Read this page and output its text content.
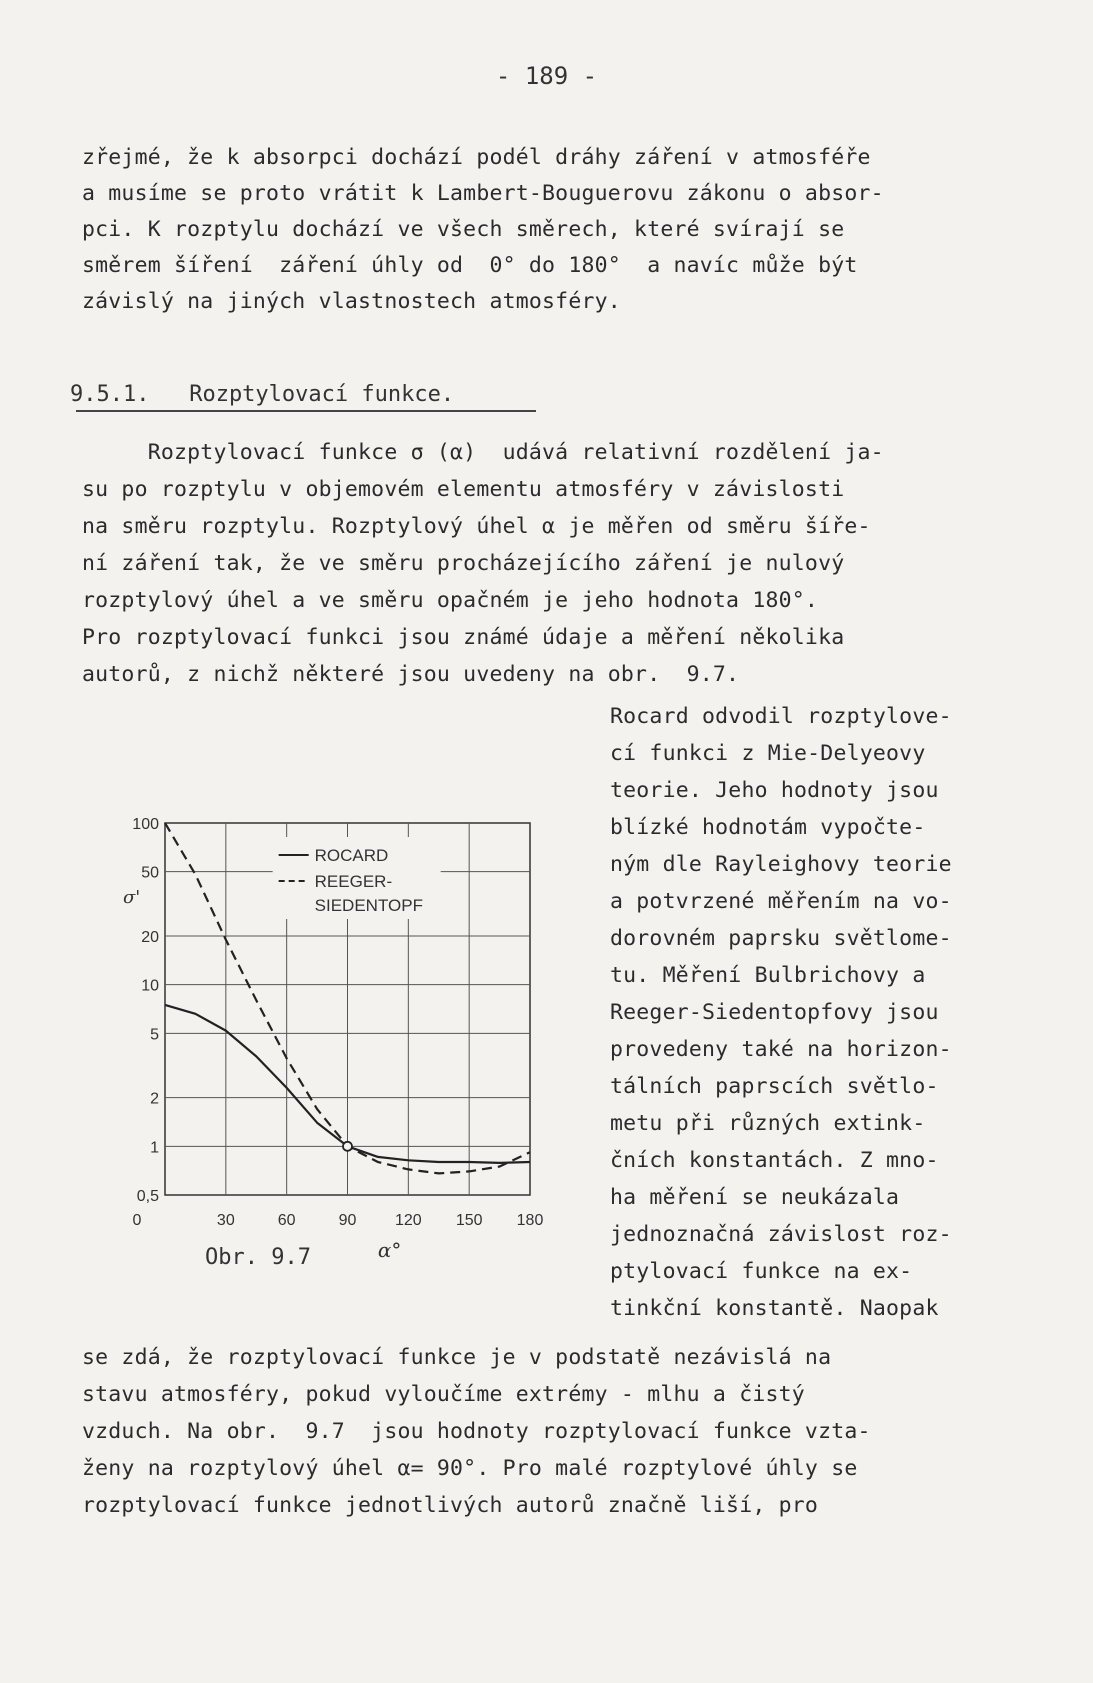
- 189 -
zřejmé, že k absorpci dochází podél dráhy záření v atmosféře
a musíme se proto vrátit k Lambert-Bouguerovu zákonu o absor-
pci. K rozptylu dochází ve všech směrech, které svírají se
směrem šíření  záření úhly od  0° do 180°  a navíc může být
závislý na jiných vlastnostech atmosféry.
9.5.1.   Rozptylovací funkce.
Rozptylovací funkce σ (α)  udává relativní rozdělení ja-
su po rozptylu v objemovém elementu atmosféry v závislosti
na směru rozptylu. Rozptylový úhel α je měřen od směru šíře-
ní záření tak, že ve směru procházejícího záření je nulový
rozptylový úhel a ve směru opačném je jeho hodnota 180°.
Pro rozptylovací funkci jsou známé údaje a měření několika
autorů, z nichž některé jsou uvedeny na obr.  9.7.
Rocard odvodil rozptylove-
cí funkci z Mie-Delyeovy
teorie. Jeho hodnoty jsou
blízké hodnotám vypočte-
ným dle Rayleighovy teorie
a potvrzené měřením na vo-
dorovném paprsku světlome-
tu. Měření Bulbrichovy a
Reeger-Siedentopfovy jsou
provedeny také na horizon-
tálních paprscích světlo-
metu při různých extink-
čních konstantách. Z mno-
ha měření se neukázala
jednoznačná závislost roz-
ptylovací funkce na ex-
tinkční konstantě. Naopak
0	30	60	90 120 150 180
100
50
20
10
5
2
1
0,5
σ'
α°
ROCARD
REEGER-
SIEDENTOPF
Obr. 9.7
se zdá, že rozptylovací funkce je v podstatě nezávislá na
stavu atmosféry, pokud vyloučíme extrémy - mlhu a čistý
vzduch. Na obr.  9.7  jsou hodnoty rozptylovací funkce vzta-
ženy na rozptylový úhel α= 90°. Pro malé rozptylové úhly se
rozptylovací funkce jednotlivých autorů značně liší, pro
